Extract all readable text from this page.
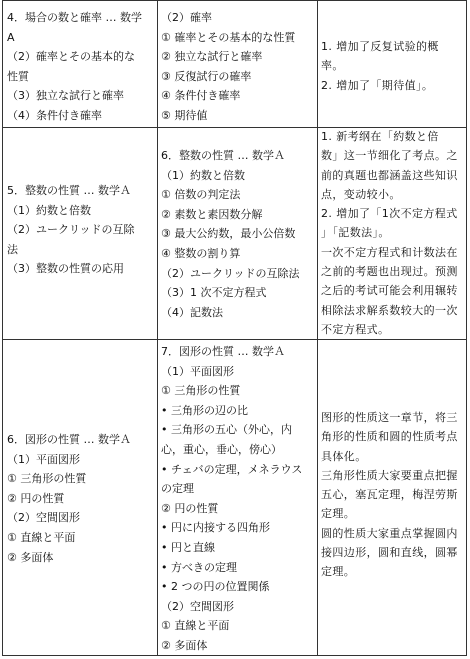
4．場合の数と確率 … 数学
A
（2）確率とその基本的な
性質
（3）独立な試行と確率
（4）条件付き確率
（2）確率
① 確率とその基本的な性質
② 独立な試行と確率
③ 反復試行の確率
④ 条件付き確率
⑤ 期待値
1. 增加了反复试验的概
率。
2. 增加了「期待值」。
5．整数の性質 … 数学Ａ
（1）約数と倍数
（2）ユークリッドの互除
法
（3）整数の性質の応用
6．整数の性質 … 数学Ａ
（1）約数と倍数
① 倍数の判定法
② 素数と素因数分解
③ 最大公約数，最小公倍数
④ 整数の割り算
（2）ユークリッドの互除法
（3）1 次不定方程式
（4）記数法
1. 新考纲在「約数と倍
数」这一节细化了考点。之
前的真题也都涵盖这些知识
点，变动较小。
2. 增加了「1次不定方程式
」「記数法」。
一次不定方程式和计数法在
之前的考题也出现过。预测
之后的考试可能会利用辗转
相除法求解系数较大的一次
不定方程式。
6．図形の性質 … 数学Ａ
（1）平面図形
① 三角形の性質
② 円の性質
（2）空間図形
① 直線と平面
② 多面体
7．図形の性質 … 数学Ａ
（1）平面図形
① 三角形の性質
• 三角形の辺の比
• 三角形の五心（外心，内
心，重心，垂心，傍心）
• チェバの定理，メネラウス
の定理
② 円の性質
• 円に内接する四角形
• 円と直線
• 方べきの定理
• 2 つの円の位置関係
（2）空間図形
① 直線と平面
② 多面体
图形的性质这一章节，将三
角形的性质和圆的性质考点
具体化。
三角形性质大家要重点把握
五心，塞瓦定理，梅涅劳斯
定理。
圆的性质大家重点掌握圆内
接四边形，圆和直线，圆幂
定理。
